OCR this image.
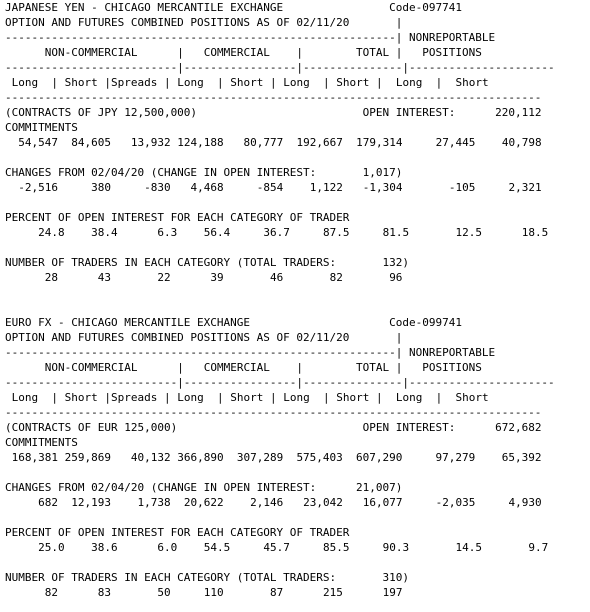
JAPANESE YEN - CHICAGO MERCANTILE EXCHANGE	Code-097741
OPTION AND FUTURES COMBINED POSITIONS AS OF 02/11/20	|
-----------------------------------------------------------| NONREPORTABLE
NON-COMMERCIAL      |   COMMERCIAL    |        TOTAL |   POSITIONS
--------------------------|-----------------|---------------|----------------------
Long  | Short |Spreads | Long  | Short | Long  | Short |  Long  |  Short
---------------------------------------------------------------------------------
(CONTRACTS OF JPY 12,500,000)	OPEN INTEREST:	220,112
COMMITMENTS
54,547 84,605 13,932 124,188 80,777 192,667 179,314	27,445 40,798
CHANGES FROM 02/04/20 (CHANGE IN OPEN INTEREST:	1,017)
-2,516	380	-830 4,468	-854 1,122 -1,304	-105	2,321
PERCENT OF OPEN INTEREST FOR EACH CATEGORY OF TRADER
24.8 38.4	6.3 56.4	36.7	87.5	81.5	12.5	18.5
NUMBER OF TRADERS IN EACH CATEGORY (TOTAL TRADERS:	132)
28	43	22	39	46	82	96
EURO FX - CHICAGO MERCANTILE EXCHANGE	Code-099741
OPTION AND FUTURES COMBINED POSITIONS AS OF 02/11/20	|
-----------------------------------------------------------| NONREPORTABLE
NON-COMMERCIAL      |   COMMERCIAL    |        TOTAL |   POSITIONS
--------------------------|-----------------|---------------|----------------------
Long  | Short |Spreads | Long  | Short | Long  | Short |  Long  |  Short
---------------------------------------------------------------------------------
(CONTRACTS OF EUR 125,000)	OPEN INTEREST:	672,682
COMMITMENTS
168,381 259,869 40,132 366,890 307,289 575,403 607,290	97,279 65,392
CHANGES FROM 02/04/20 (CHANGE IN OPEN INTEREST:	21,007)
682 12,193 1,738 20,622 2,146 23,042 16,077	-2,035	4,930
PERCENT OF OPEN INTEREST FOR EACH CATEGORY OF TRADER
25.0 38.6	6.0 54.5	45.7	85.5	90.3	14.5	9.7
NUMBER OF TRADERS IN EACH CATEGORY (TOTAL TRADERS:	310)
82	83	50	110	87	215	197
